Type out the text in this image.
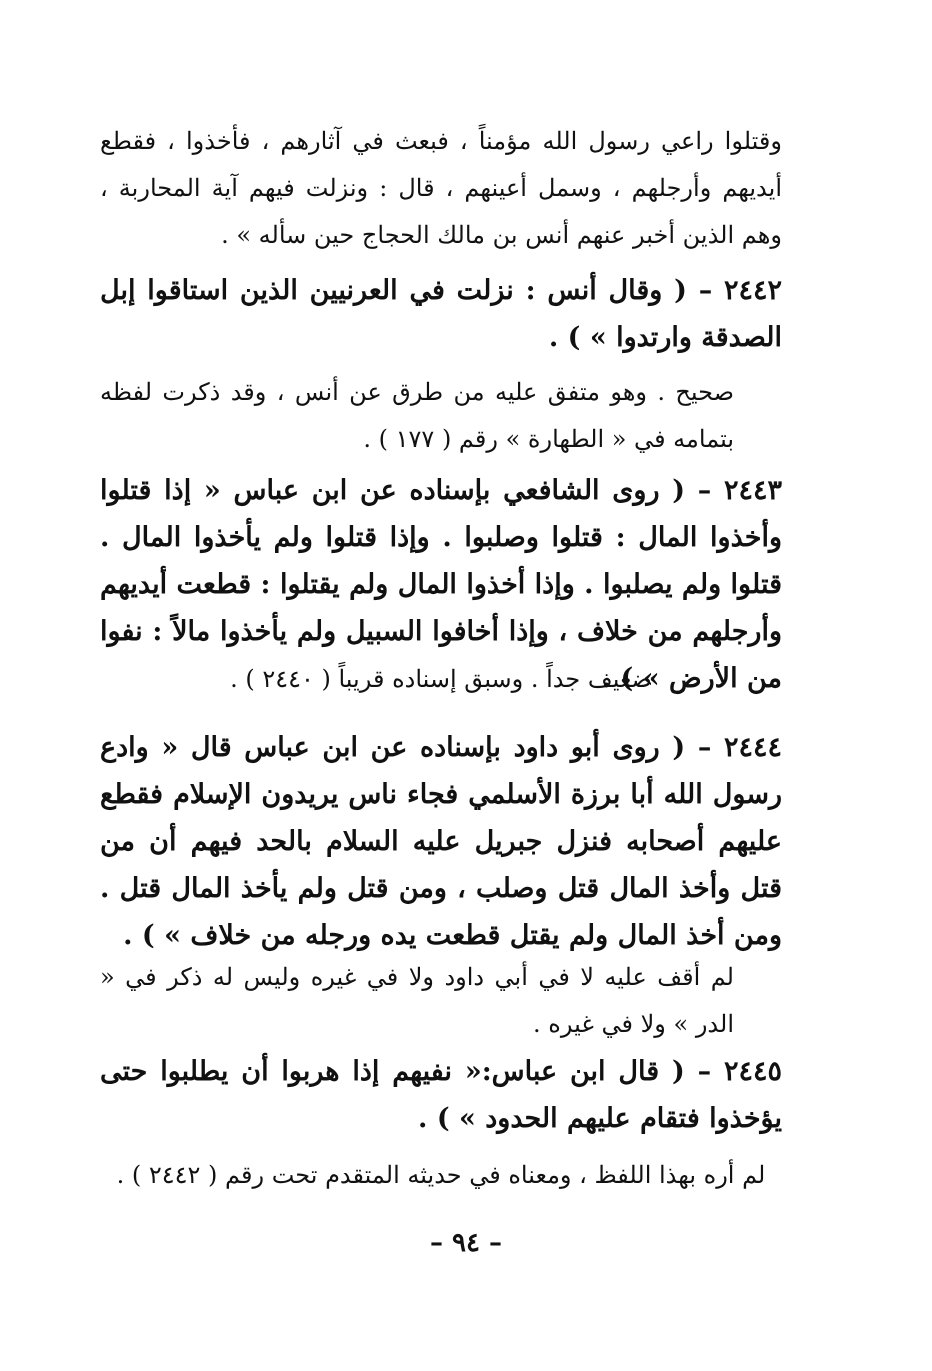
وقتلوا راعي رسول الله مؤمناً ، فبعث في آثارهم ، فأخذوا ، فقطع أيديهم وأرجلهم ، وسمل أعينهم ، قال : ونزلت فيهم آية المحاربة ، وهم الذين أخبر عنهم أنس بن مالك الحجاج حين سأله » .
٢٤٤٢ – ( وقال أنس : نزلت في العرنيين الذين استاقوا إبل الصدقة وارتدوا » ) .
صحيح . وهو متفق عليه من طرق عن أنس ، وقد ذكرت لفظه بتمامه في « الطهارة » رقم ( ١٧٧ ) .
٢٤٤٣ – ( روى الشافعي بإسناده عن ابن عباس « إذا قتلوا وأخذوا المال : قتلوا وصلبوا . وإذا قتلوا ولم يأخذوا المال . قتلوا ولم يصلبوا . وإذا أخذوا المال ولم يقتلوا : قطعت أيديهم وأرجلهم من خلاف ، وإذا أخافوا السبيل ولم يأخذوا مالاً : نفوا من الأرض » ) .
ضعيف جداً . وسبق إسناده قريباً ( ٢٤٤٠ ) .
٢٤٤٤ – ( روى أبو داود بإسناده عن ابن عباس قال « وادع رسول الله أبا برزة الأسلمي فجاء ناس يريدون الإسلام فقطع عليهم أصحابه فنزل جبريل عليه السلام بالحد فيهم أن من قتل وأخذ المال قتل وصلب ، ومن قتل ولم يأخذ المال قتل . ومن أخذ المال ولم يقتل قطعت يده ورجله من خلاف » ) .
لم أقف عليه لا في أبي داود ولا في غيره وليس له ذكر في « الدر » ولا في غيره .
٢٤٤٥ – ( قال ابن عباس:« نفيهم إذا هربوا أن يطلبوا حتى يؤخذوا فتقام عليهم الحدود » ) .
لم أره بهذا اللفظ ، ومعناه في حديثه المتقدم تحت رقم ( ٢٤٤٢ ) .
– ٩٤ –
